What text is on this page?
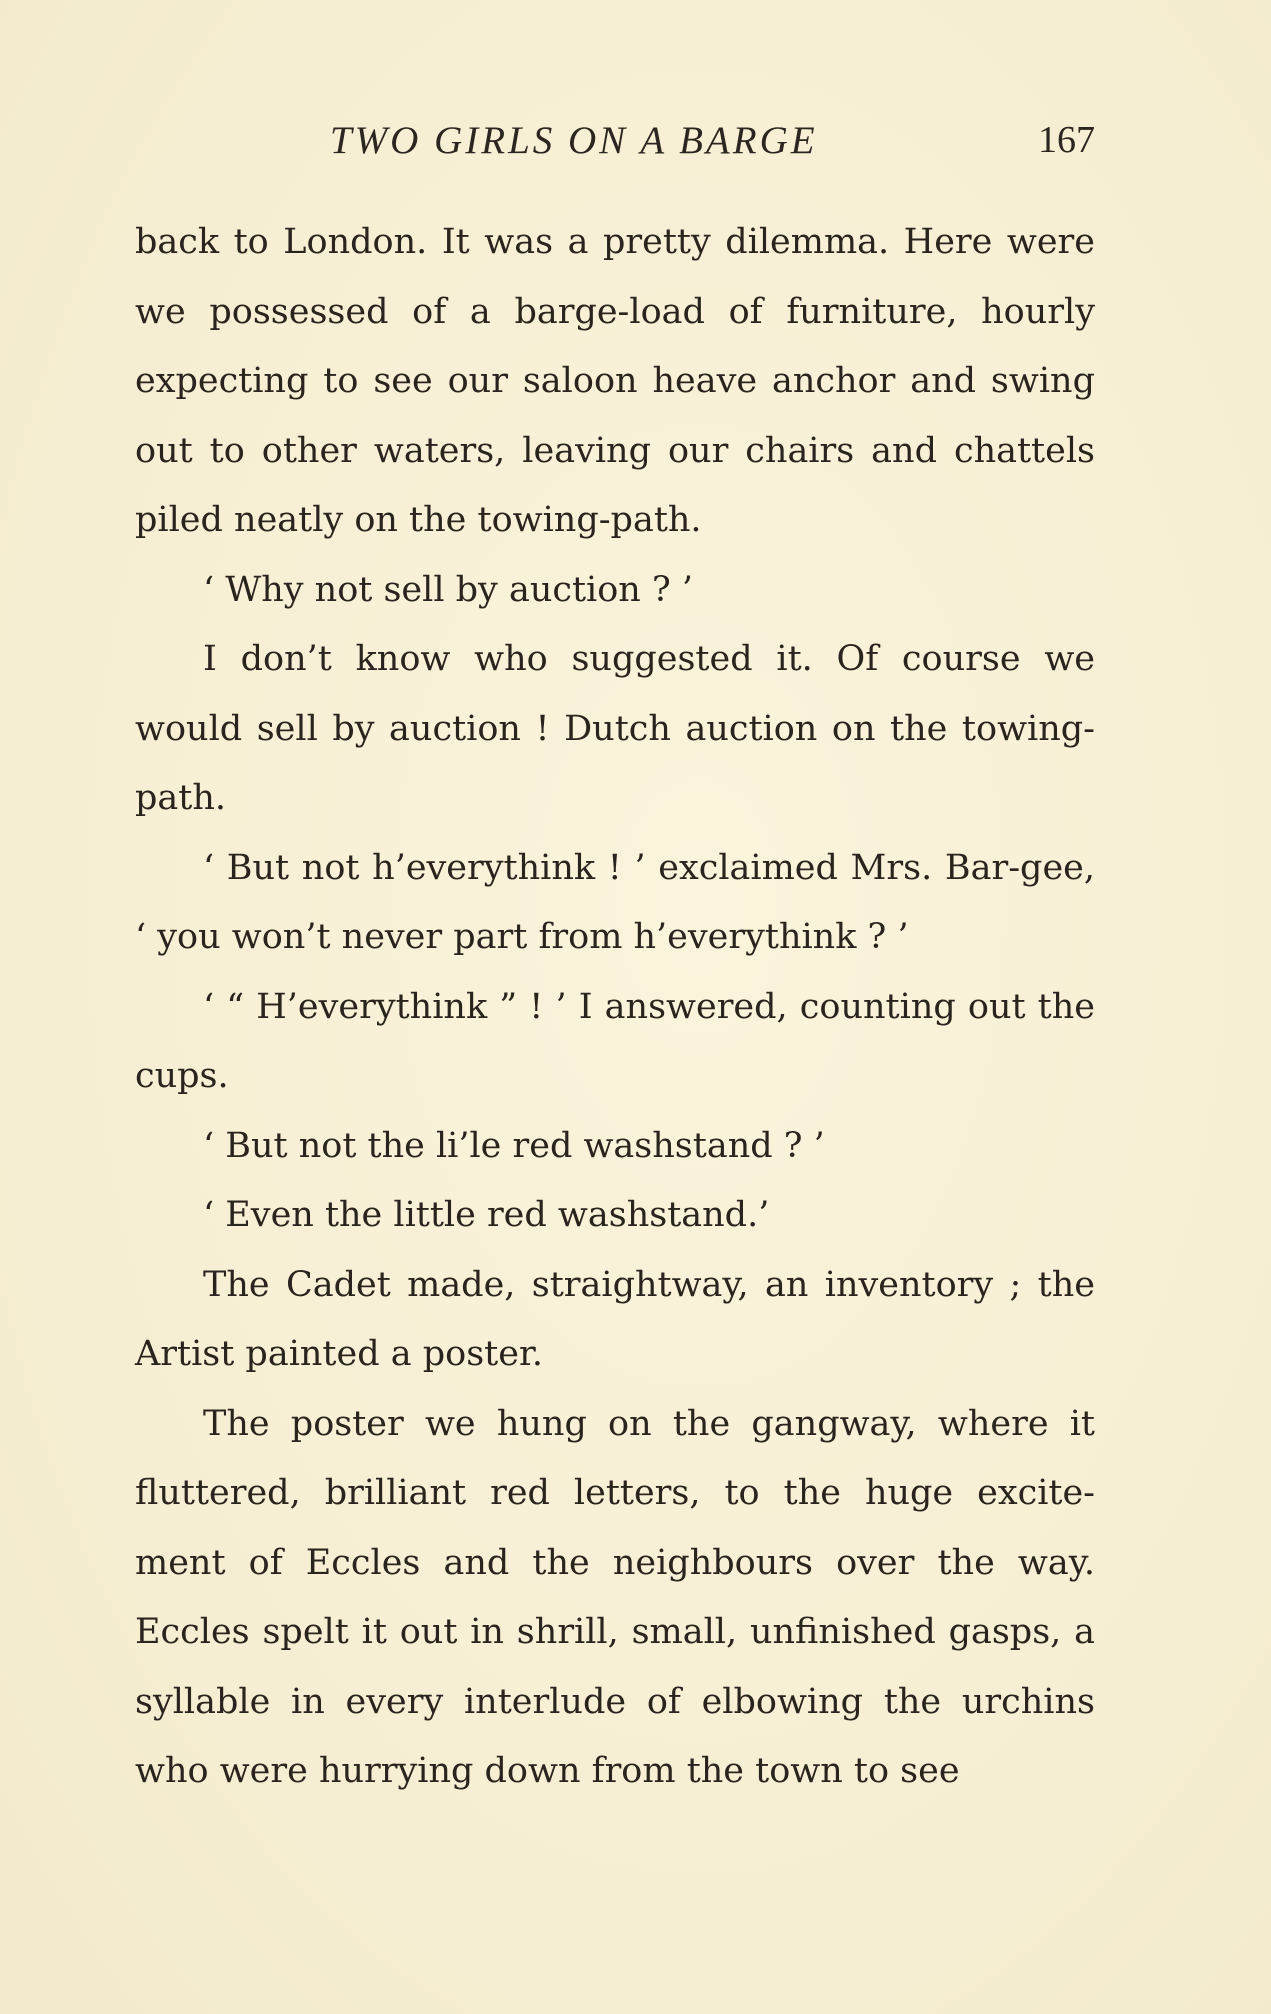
TWO GIRLS ON A BARGE	167

back to London. It was a pretty dilemma. Here were we possessed of a barge-load of furniture, hourly expecting to see our saloon heave anchor and swing out to other waters, leaving our chairs and chattels piled neatly on the towing-path.

‘ Why not sell by auction ? ’

I don’t know who suggested it. Of course we would sell by auction ! Dutch auction on the towing-path.

‘ But not h’everythink ! ’ exclaimed Mrs. Bar-gee, ‘ you won’t never part from h’everythink ? ’

‘ “ H’everythink ” ! ’ I answered, counting out the cups.

‘ But not the li’le red washstand ? ’

‘ Even the little red washstand.’

The Cadet made, straightway, an inventory ; the Artist painted a poster.

The poster we hung on the gangway, where it fluttered, brilliant red letters, to the huge excite-ment of Eccles and the neighbours over the way. Eccles spelt it out in shrill, small, unfinished gasps, a syllable in every interlude of elbowing the urchins who were hurrying down from the town to see
